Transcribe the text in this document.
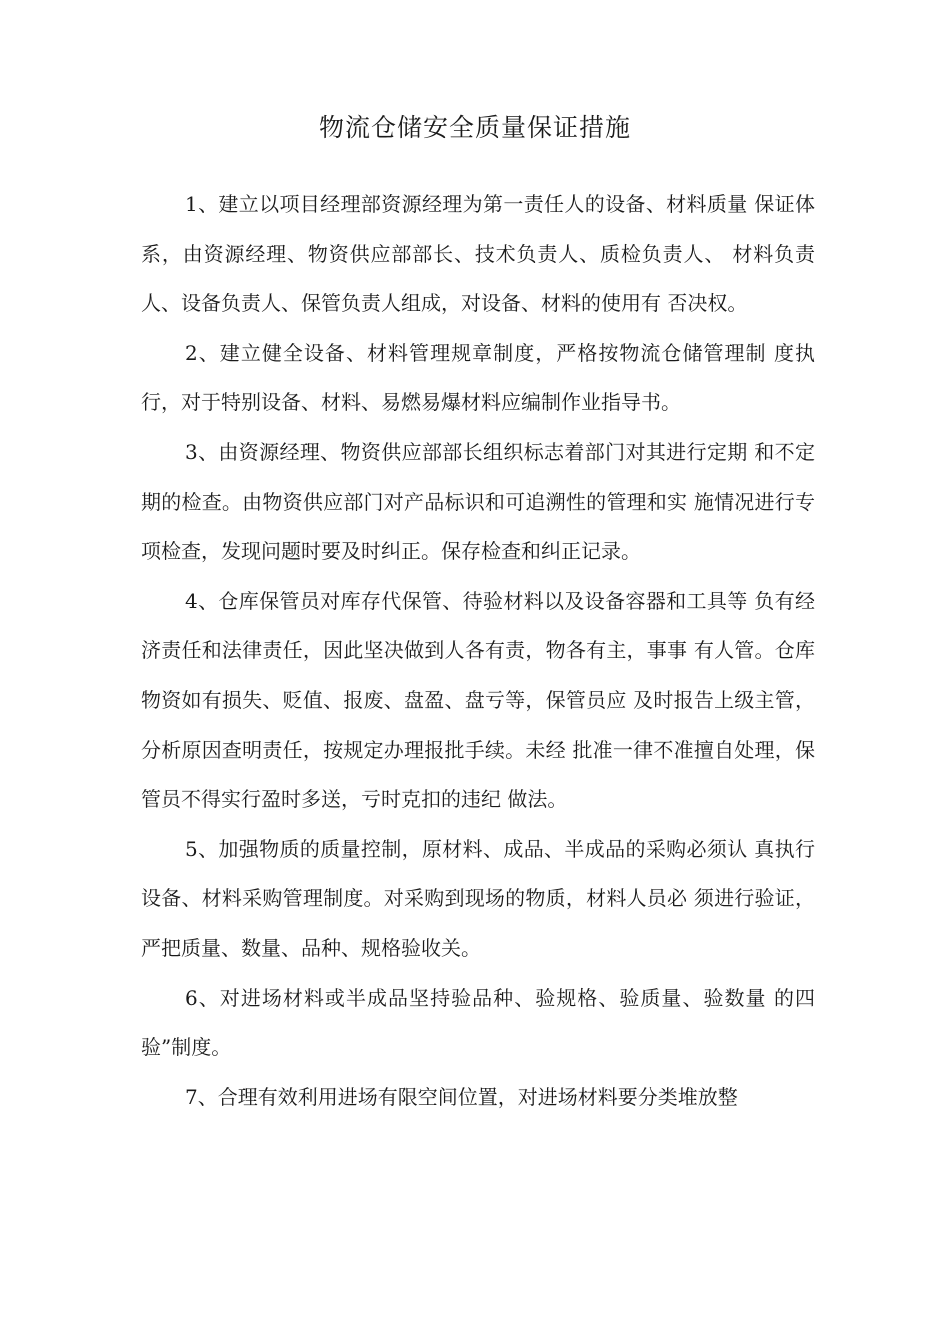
物流仓储安全质量保证措施

1、建立以项目经理部资源经理为第一责任人的设备、材料质量 保证体系，由资源经理、物资供应部部长、技术负责人、质检负责人、 材料负责人、设备负责人、保管负责人组成，对设备、材料的使用有 否决权。

2、建立健全设备、材料管理规章制度，严格按物流仓储管理制 度执行，对于特别设备、材料、易燃易爆材料应编制作业指导书。

3、由资源经理、物资供应部部长组织标志着部门对其进行定期 和不定期的检查。由物资供应部门对产品标识和可追溯性的管理和实 施情况进行专项检查，发现问题时要及时纠正。保存检查和纠正记录。

4、仓库保管员对库存代保管、待验材料以及设备容器和工具等 负有经济责任和法律责任，因此坚决做到人各有责，物各有主，事事 有人管。仓库物资如有损失、贬值、报废、盘盈、盘亏等，保管员应 及时报告上级主管，分析原因查明责任，按规定办理报批手续。未经 批准一律不准擅自处理，保管员不得实行盈时多送，亏时克扣的违纪 做法。

5、加强物质的质量控制，原材料、成品、半成品的采购必须认 真执行设备、材料采购管理制度。对采购到现场的物质，材料人员必 须进行验证，严把质量、数量、品种、规格验收关。

6、对进场材料或半成品坚持验品种、验规格、验质量、验数量 的四验”制度。

7、合理有效利用进场有限空间位置，对进场材料要分类堆放整
